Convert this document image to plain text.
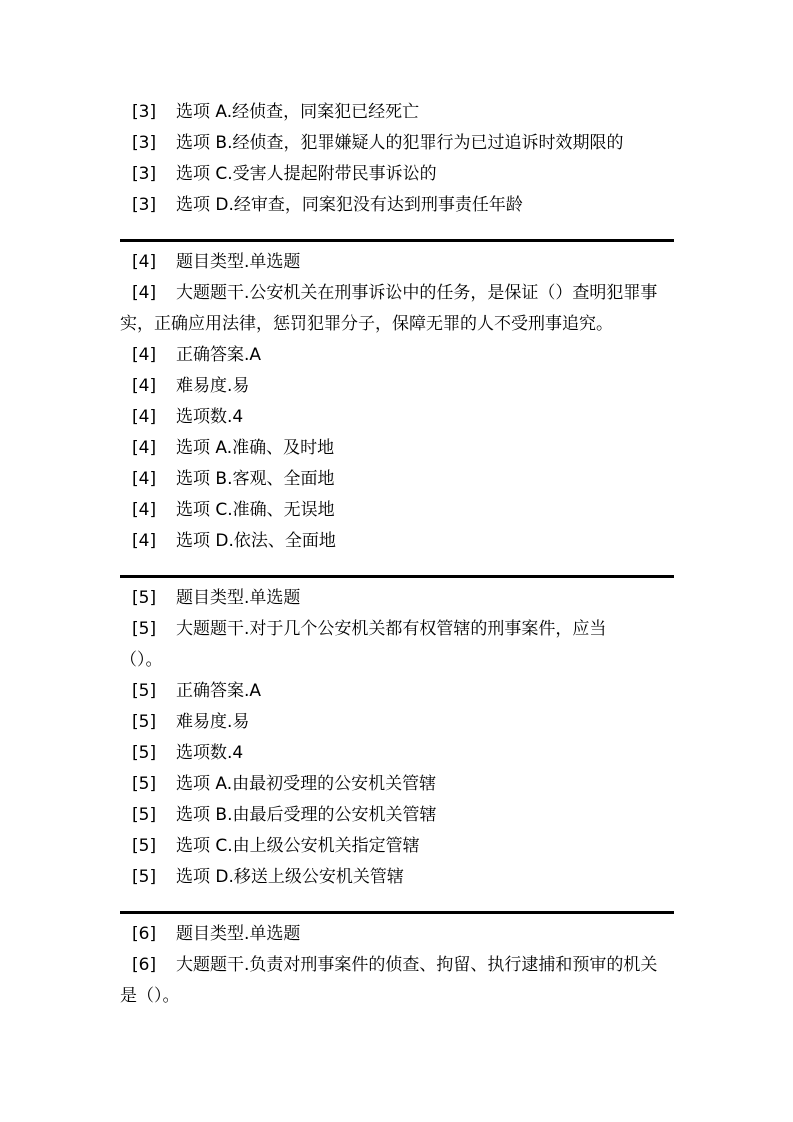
[3] 选项 A.经侦查，同案犯已经死亡
[3] 选项 B.经侦查，犯罪嫌疑人的犯罪行为已过追诉时效期限的
[3] 选项 C.受害人提起附带民事诉讼的
[3] 选项 D.经审查，同案犯没有达到刑事责任年龄
[4] 题目类型.单选题
[4] 大题题干.公安机关在刑事诉讼中的任务，是保证（）查明犯罪事实，正确应用法律，惩罚犯罪分子，保障无罪的人不受刑事追究。
[4] 正确答案.A
[4] 难易度.易
[4] 选项数.4
[4] 选项 A.准确、及时地
[4] 选项 B.客观、全面地
[4] 选项 C.准确、无误地
[4] 选项 D.依法、全面地
[5] 题目类型.单选题
[5] 大题题干.对于几个公安机关都有权管辖的刑事案件，应当
（）。
[5] 正确答案.A
[5] 难易度.易
[5] 选项数.4
[5] 选项 A.由最初受理的公安机关管辖
[5] 选项 B.由最后受理的公安机关管辖
[5] 选项 C.由上级公安机关指定管辖
[5] 选项 D.移送上级公安机关管辖
[6] 题目类型.单选题
[6] 大题题干.负责对刑事案件的侦查、拘留、执行逮捕和预审的机关是（）。
